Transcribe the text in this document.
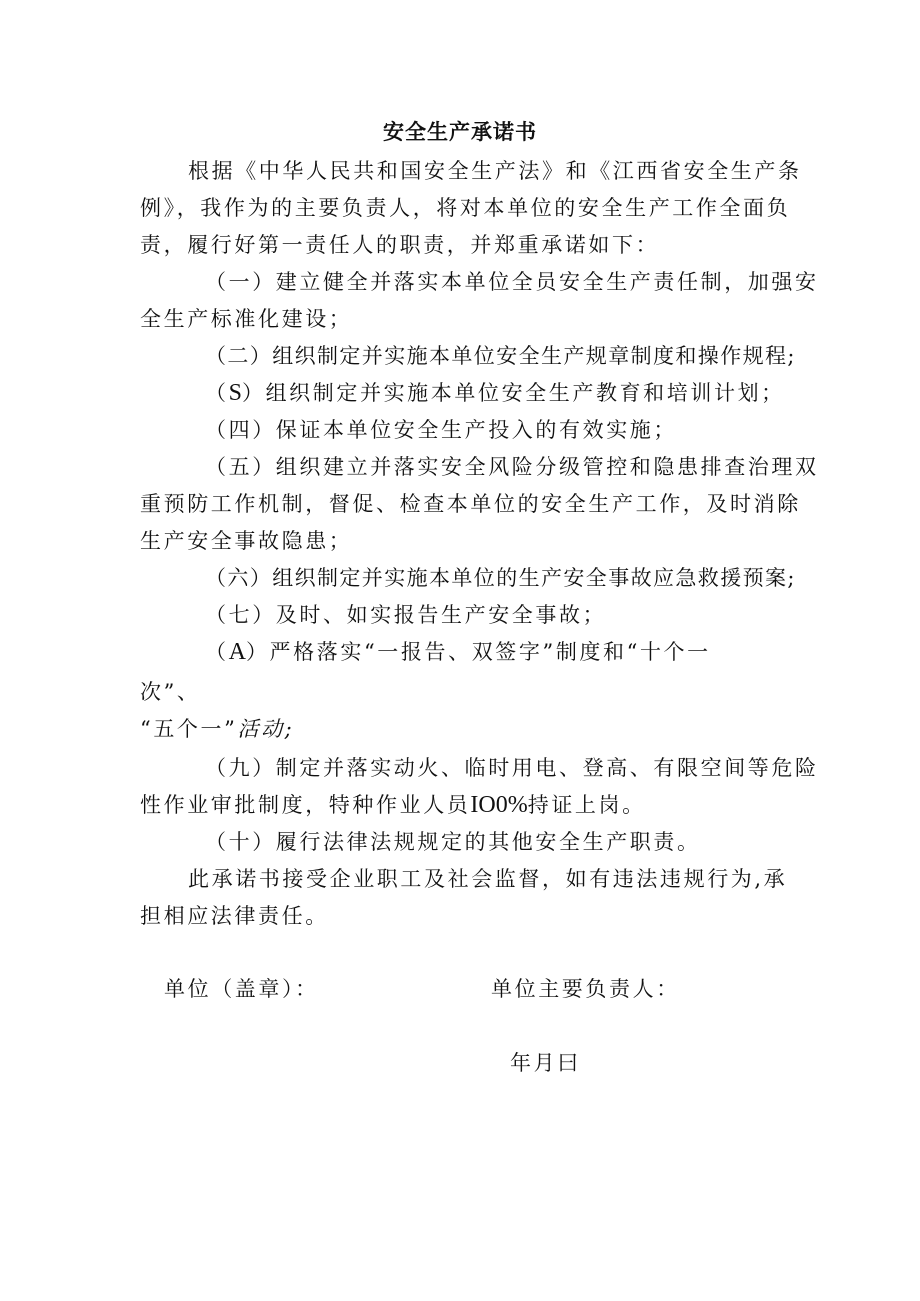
安全生产承诺书
根据《中华人民共和国安全生产法》和《江西省安全生产条
例》，我作为的主要负责人，将对本单位的安全生产工作全面负
责，履行好第一责任人的职责，并郑重承诺如下：
（一）建立健全并落实本单位全员安全生产责任制，加强安
全生产标准化建设；
（二）组织制定并实施本单位安全生产规章制度和操作规程;
（S）组织制定并实施本单位安全生产教育和培训计划；
（四）保证本单位安全生产投入的有效实施；
（五）组织建立并落实安全风险分级管控和隐患排查治理双
重预防工作机制，督促、检查本单位的安全生产工作，及时消除
生产安全事故隐患；
（六）组织制定并实施本单位的生产安全事故应急救援预案;
（七）及时、如实报告生产安全事故；
（A）严格落实“一报告、双签字”制度和“十个一
次”、
“五个一”活动;
（九）制定并落实动火、临时用电、登高、有限空间等危险
性作业审批制度，特种作业人员IO0%持证上岗。
（十）履行法律法规规定的其他安全生产职责。
此承诺书接受企业职工及社会监督，如有违法违规行为,承
担相应法律责任。
单位（盖章）：	单位主要负责人：
年月曰
